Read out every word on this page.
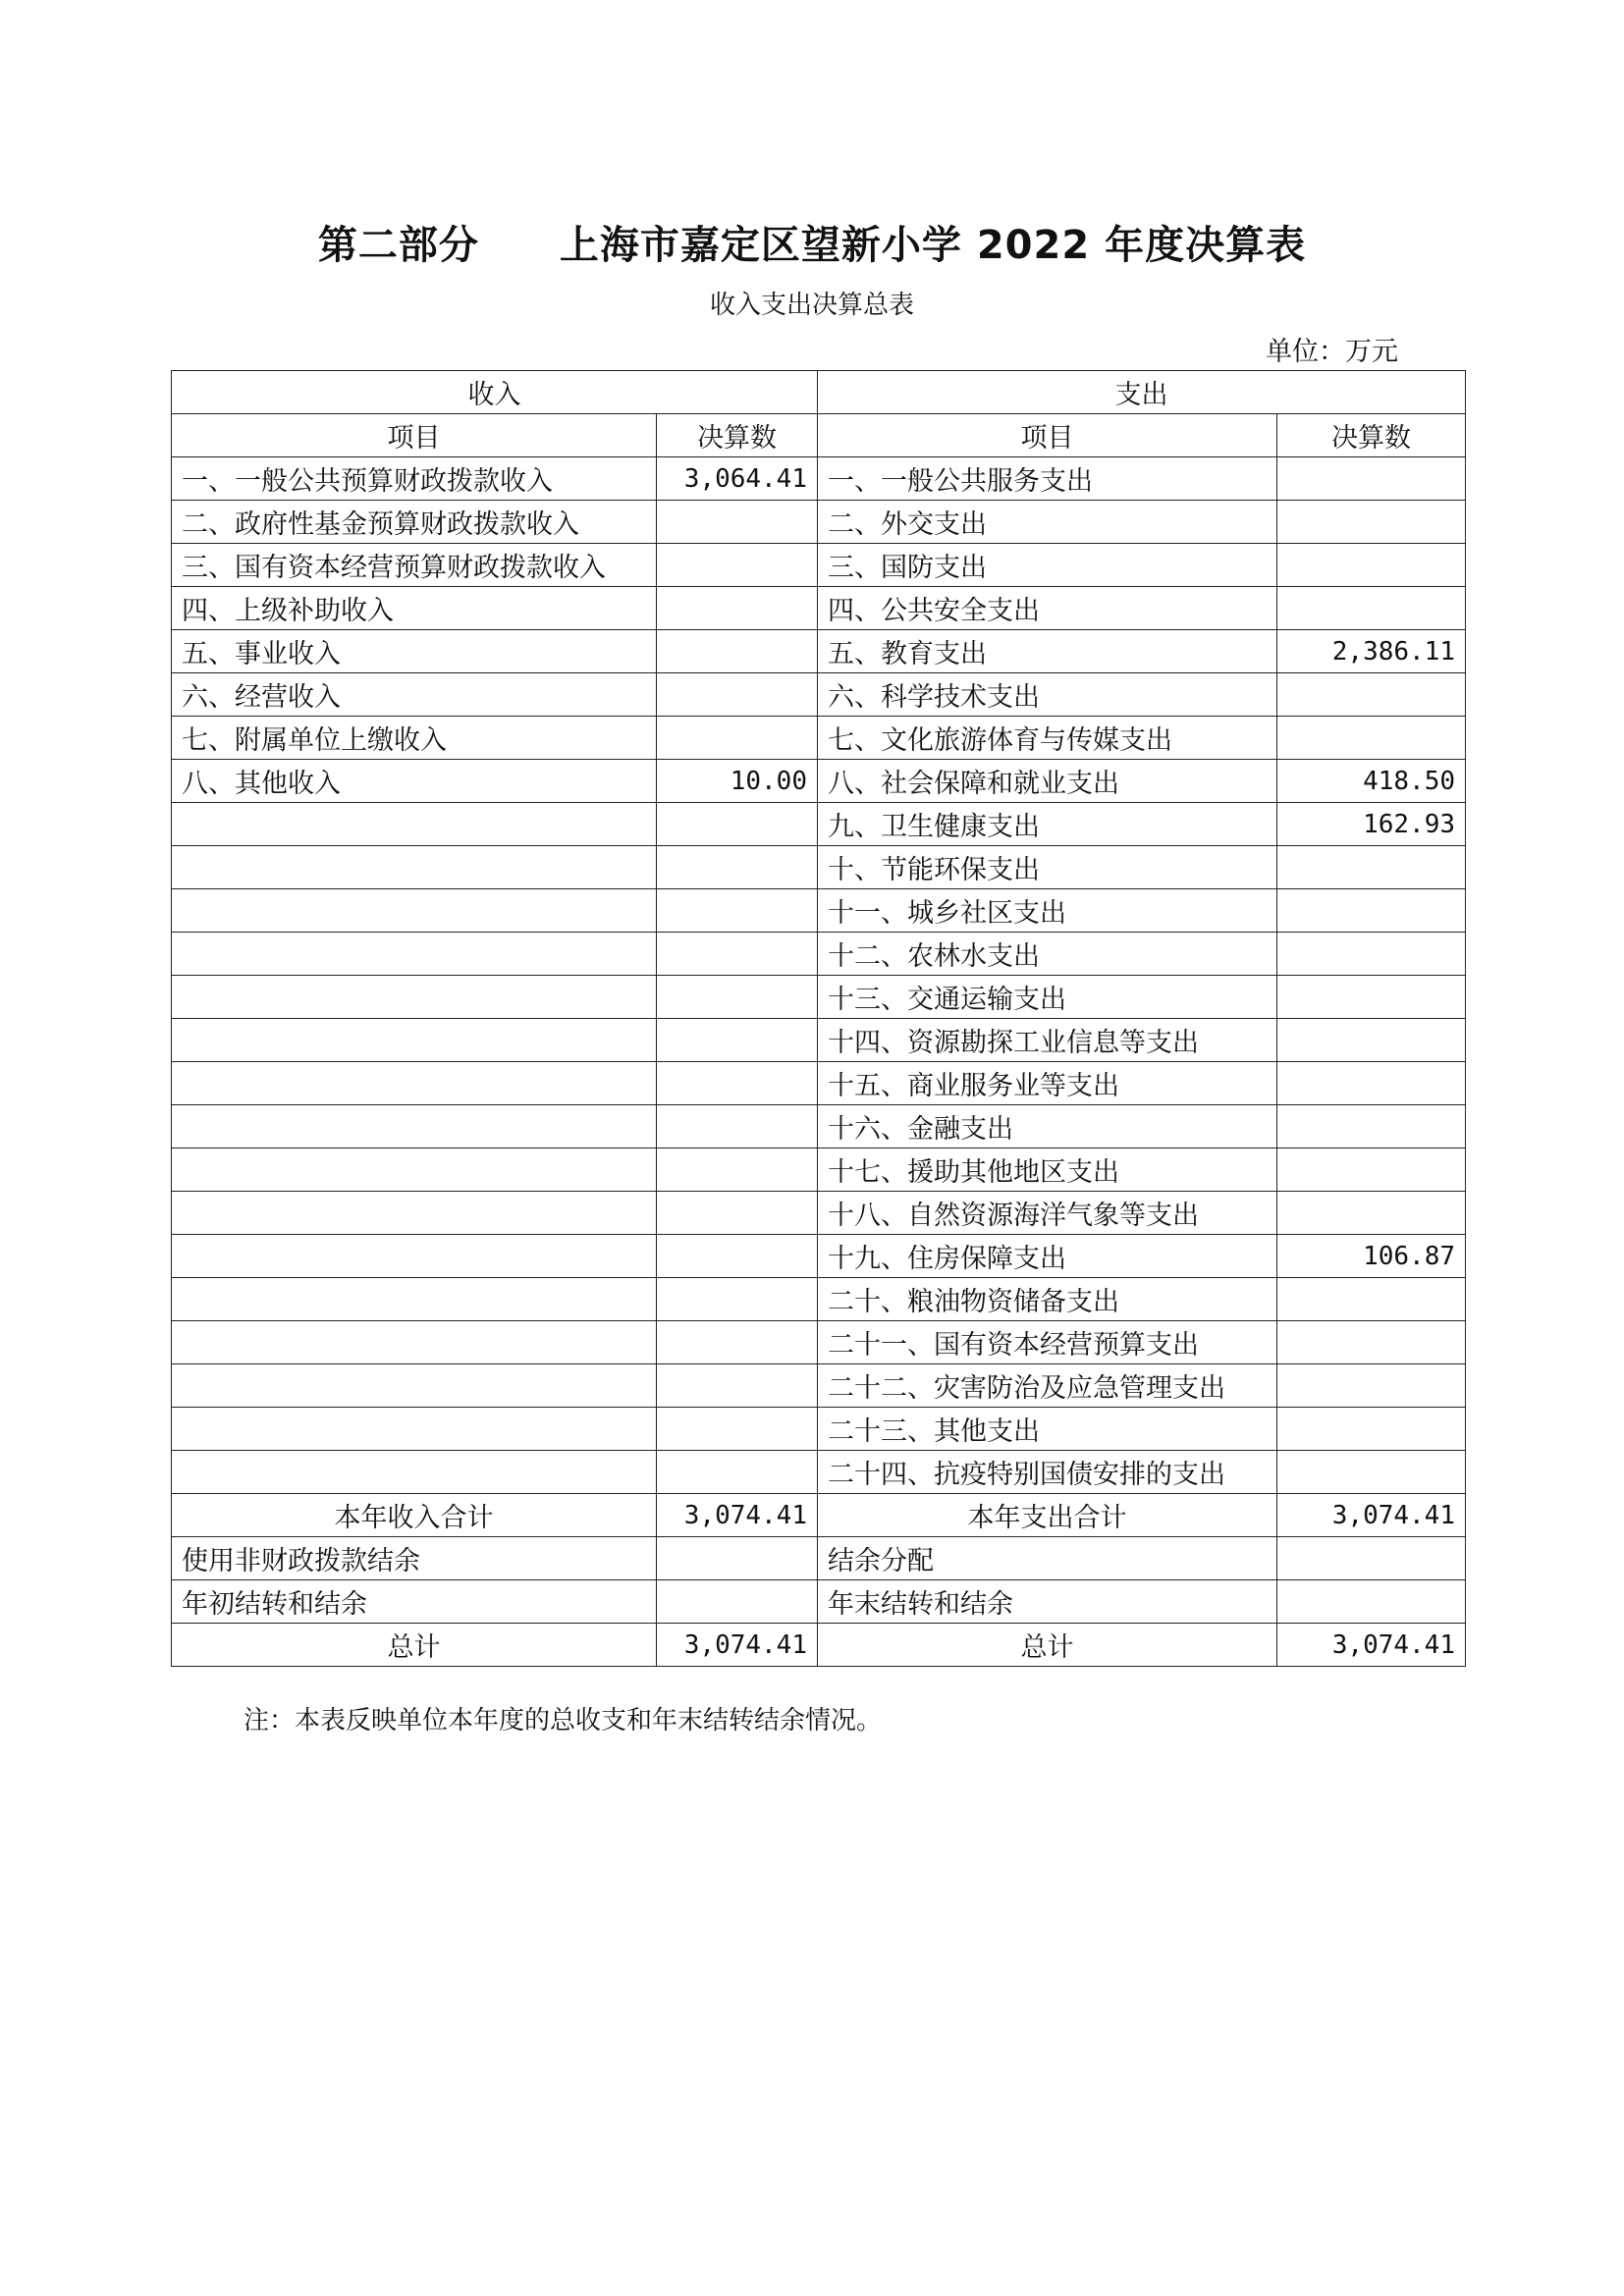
第二部分　　上海市嘉定区望新小学 2022 年度决算表
收入支出决算总表
单位：万元
收入		支出	
项目	决算数	项目	决算数
一、一般公共预算财政拨款收入	3,064.41	一、一般公共服务支出	
二、政府性基金预算财政拨款收入		二、外交支出	
三、国有资本经营预算财政拨款收入		三、国防支出	
四、上级补助收入		四、公共安全支出	
五、事业收入		五、教育支出	2,386.11
六、经营收入		六、科学技术支出	
七、附属单位上缴收入		七、文化旅游体育与传媒支出	
八、其他收入	10.00	八、社会保障和就业支出	418.50
		九、卫生健康支出	162.93
		十、节能环保支出	
		十一、城乡社区支出	
		十二、农林水支出	
		十三、交通运输支出	
		十四、资源勘探工业信息等支出	
		十五、商业服务业等支出	
		十六、金融支出	
		十七、援助其他地区支出	
		十八、自然资源海洋气象等支出	
		十九、住房保障支出	106.87
		二十、粮油物资储备支出	
		二十一、国有资本经营预算支出	
		二十二、灾害防治及应急管理支出	
		二十三、其他支出	
		二十四、抗疫特别国债安排的支出	
本年收入合计	3,074.41	本年支出合计	3,074.41
使用非财政拨款结余		结余分配	
年初结转和结余		年末结转和结余	
总计	3,074.41	总计	3,074.41
注：本表反映单位本年度的总收支和年末结转结余情况。
